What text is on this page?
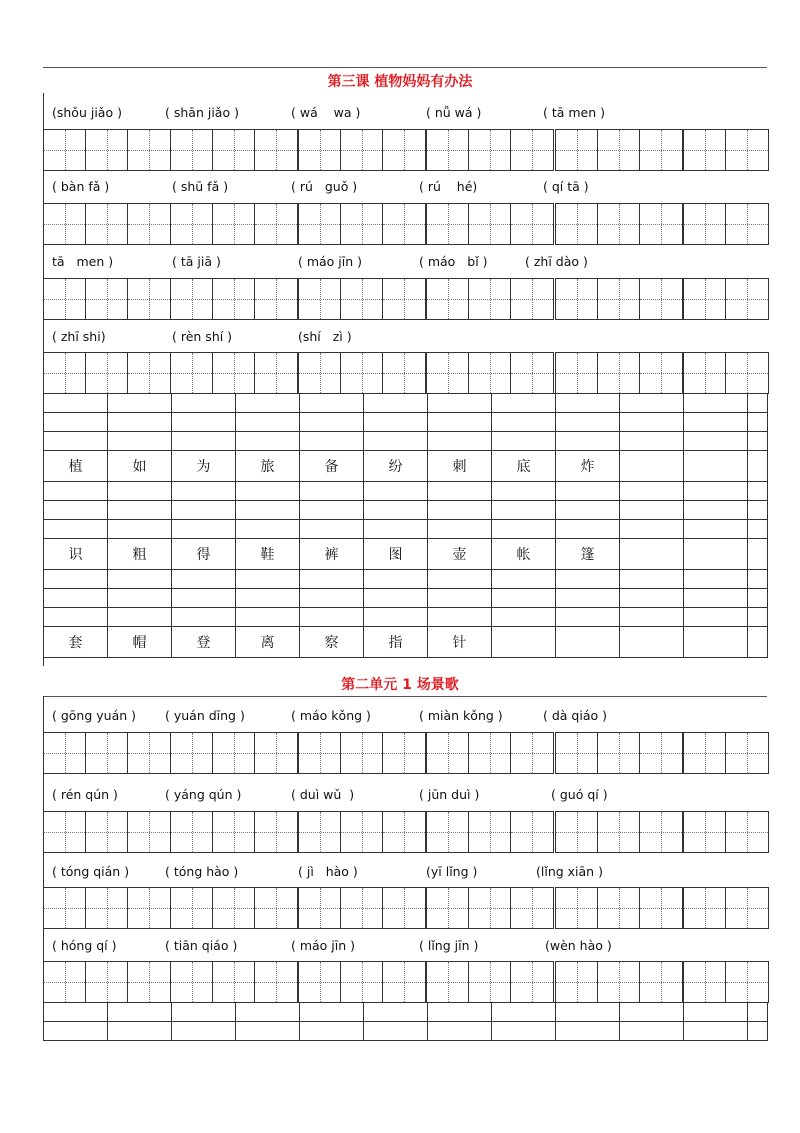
第三课 植物妈妈有办法
(shǒu jiǎo )	( shān jiǎo )	( wá    wa )	( nǚ wá )	( tā men )
( bàn fǎ )	( shū fǎ )	( rú   guǒ )	( rú    hé)	( qí tā )
tā   men )	( tā jiā )	( máo jīn )	( máo   bǐ )	( zhī dào )
( zhī shi)	( rèn shí )	(shí   zì )

植	如	为	旅	备	纷	刺	底	炸			

识	粗	得	鞋	裤	图	壶	帐	篷			

套	帽	登	离	察	指	针					
第二单元 1 场景歌
( gōng yuán ) ( yuán dīng )	( máo kǒng )	( miàn kǒng )	( dà qiáo )
( rén qún )	( yáng qún )	( duì wǔ  )	( jūn duì )	( guó qí )
( tóng qián )	( tóng hào )	( jì   hào )	(yī lǐng )	(lǐng xiān )
( hóng qí )	( tiān qiáo )	( máo jīn )	( lǐng jīn )	(wèn hào )
